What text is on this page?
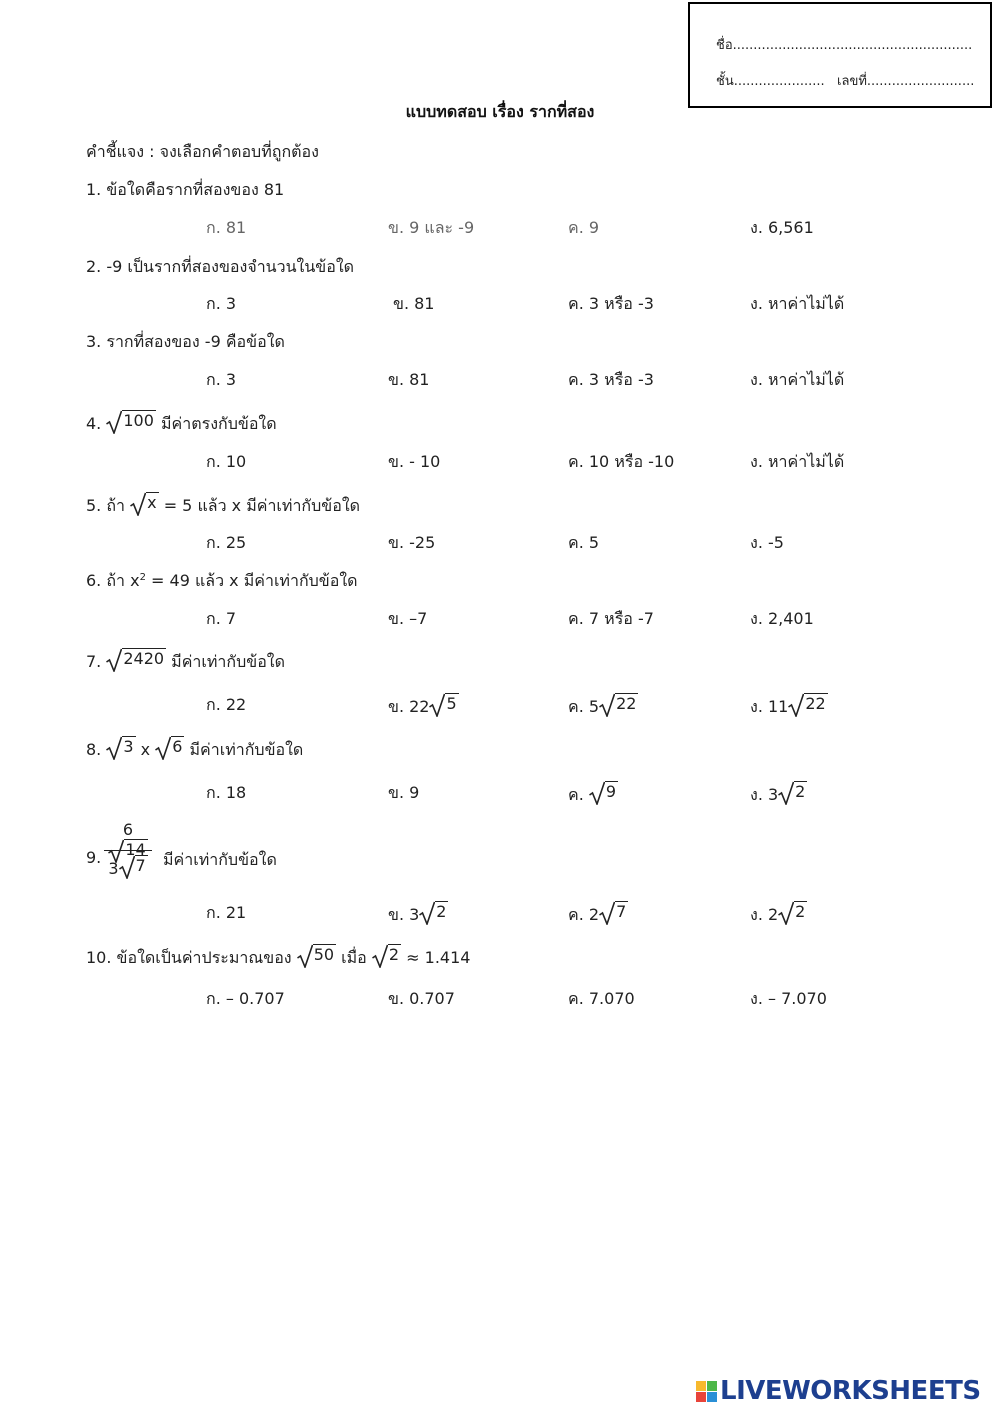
ชื่อ..........................................................
ชั้น...................... เลขที่..........................
แบบทดสอบ เรื่อง รากที่สอง
คำชี้แจง : จงเลือกคำตอบที่ถูกต้อง
1. ข้อใดคือรากที่สองของ 81
ก. 81	ข. 9 และ -9	ค. 9	ง. 6,561
2. -9 เป็นรากที่สองของจำนวนในข้อใด
ก. 3	ข. 81	ค. 3 หรือ -3	ง. หาค่าไม่ได้
3. รากที่สองของ -9 คือข้อใด
ก. 3	ข. 81	ค. 3 หรือ -3	ง. หาค่าไม่ได้
4. 100 มีค่าตรงกับข้อใด
ก. 10	ข. - 10	ค. 10 หรือ -10	ง. หาค่าไม่ได้
5. ถ้า x = 5 แล้ว x มีค่าเท่ากับข้อใด
ก. 25	ข. -25	ค. 5	ง. -5
6. ถ้า $x^2 = 49$ แล้ว x มีค่าเท่ากับข้อใด
ก. 7	ข. –7	ค. 7 หรือ -7	ง. 2,401
7. 2420 มีค่าเท่ากับข้อใด
ก. 22	ข. 22 5	ค. 5 22	ง. 11 22
8. 3 x 6 มีค่าเท่ากับข้อใด
ก. 18	ข. 9	ค. 9	ง. 3 2
9.
6
14
3 7 มีค่าเท่ากับข้อใด
ก. 21	ข. 3 2	ค. 2 7	ง. 2 2
10. ข้อใดเป็นค่าประมาณของ 50 เมื่อ 2 ≈ 1.414
ก. – 0.707	ข. 0.707	ค. 7.070	ง. – 7.070
LIVEWORKSHEETS
